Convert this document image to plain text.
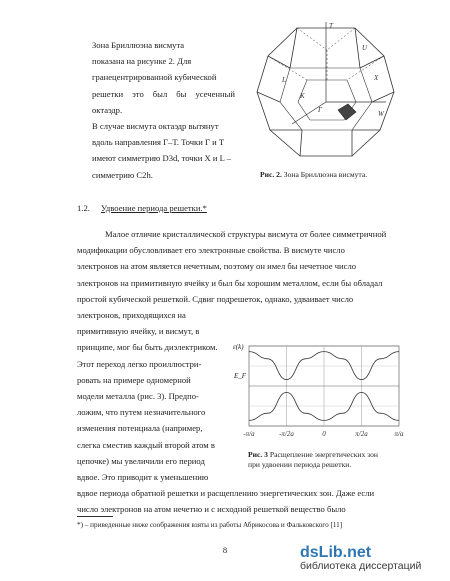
Зона Бриллюэна висмута
показана на рисунке 2. Для
гранецентрированной кубической
решетки это был бы усеченный октаэдр.
В случае висмута октаэдр вытянут
вдоль направления Г–Т. Точки Г и Т
имеют симметрию D3d, точки X и L –
симметрию C2h.
T
Г
X
L
U
K
W
Рис. 2. Зона Бриллюэна висмута.
1.2. Удвоение периода решетки.*
Малое отличие кристаллической структуры висмута от более симметричной
модификации обусловливает его электронные свойства. В висмуте число
электронов на атом является нечетным, поэтому он имел бы нечетное число
электронов на примитивную ячейку и был бы хорошим металлом, если бы обладал
простой кубической решеткой. Сдвиг подрешеток, однако, удваивает число
электронов, приходящихся на
примитивную ячейку, и висмут, в
принципе, мог бы быть диэлектриком.
Этот переход легко проиллюстри-
ровать на примере одномерной
модели металла (рис. 3). Предпо-
ложим, что путем незначительного
изменения потенциала (например,
слегка сместив каждый второй атом в
цепочке) мы увеличили его период
вдвое. Это приводит к уменьшению
-π/a	-π/2a	0	π/2a	π/a
ε(k)
E_F
Рис. 3 Расщепление энергетических зон
при удвоении периода решетки.
вдвое периода обратной решетки и расщеплению энергетических зон. Даже если
число электронов на атом нечетно и с исходной решеткой вещество было
*) – приведенные ниже соображения взяты из работы Абрикосова и Фальковского [11]
8	dsLib.net
библиотека диссертаций
